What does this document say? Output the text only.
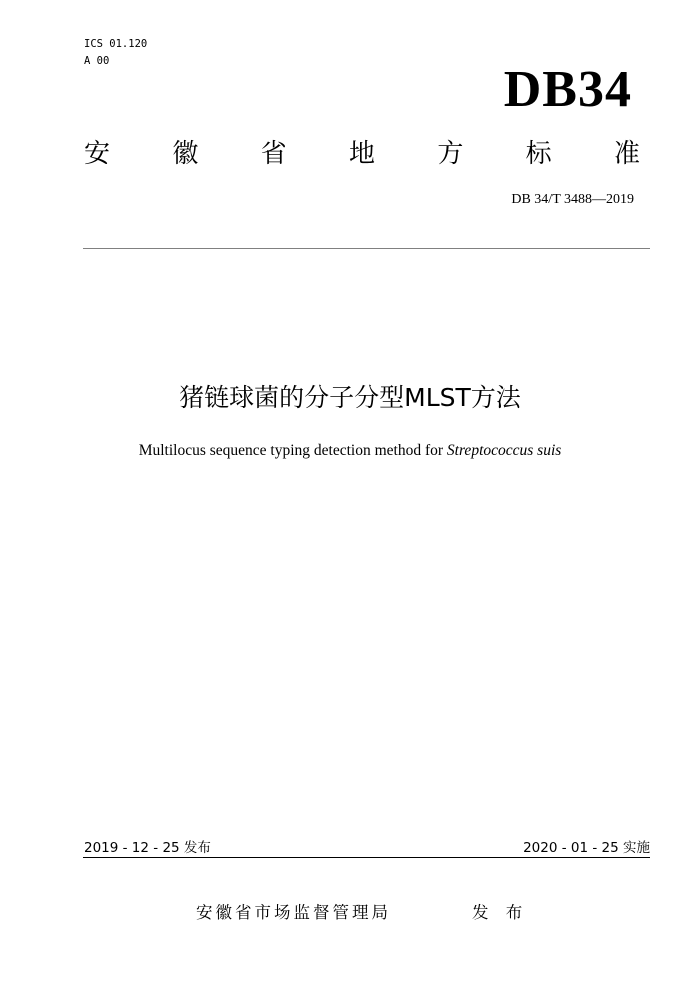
ICS 01.120
A 00	DB34
安 徽 省 地 方 标 准
DB 34/T 3488—2019
猪链球菌的分子分型MLST方法
Multilocus sequence typing detection method for Streptococcus suis
2019 - 12 - 25 发布	2020 - 01 - 25 实施
安徽省市场监督管理局	发 布
